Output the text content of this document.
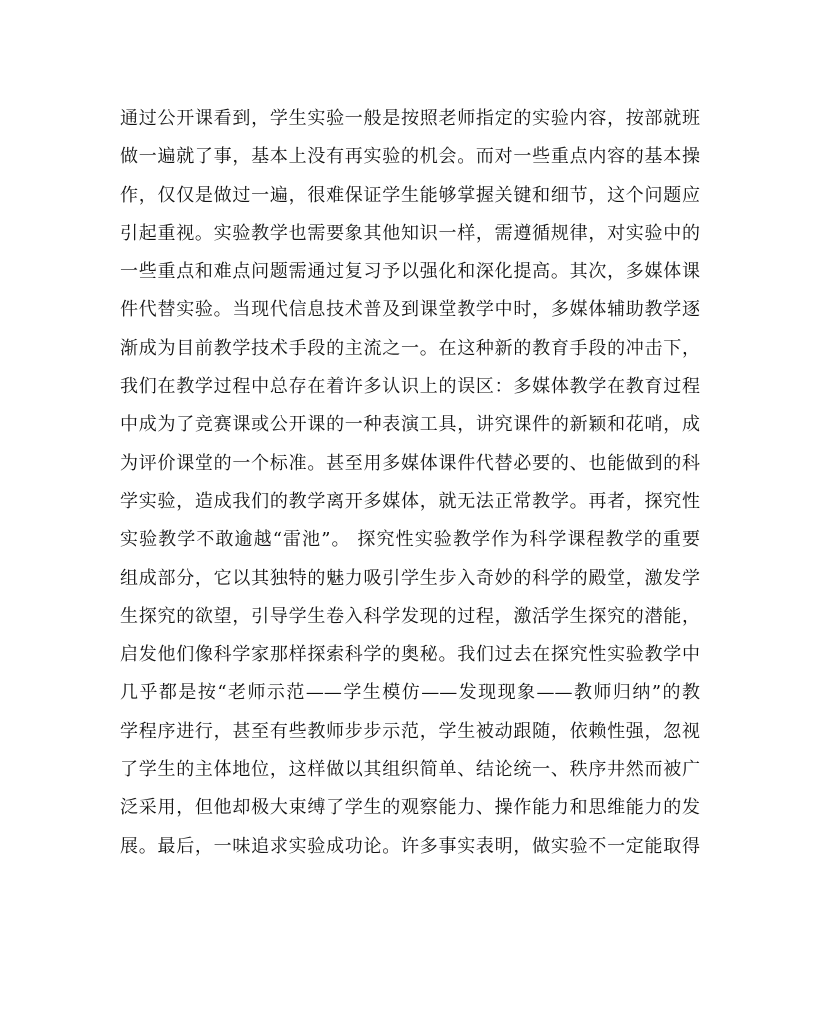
通过公开课看到，学生实验一般是按照老师指定的实验内容，按部就班
做一遍就了事，基本上没有再实验的机会。而对一些重点内容的基本操
作，仅仅是做过一遍，很难保证学生能够掌握关键和细节，这个问题应
引起重视。实验教学也需要象其他知识一样，需遵循规律，对实验中的
一些重点和难点问题需通过复习予以强化和深化提高。其次，多媒体课
件代替实验。当现代信息技术普及到课堂教学中时，多媒体辅助教学逐
渐成为目前教学技术手段的主流之一。在这种新的教育手段的冲击下，
我们在教学过程中总存在着许多认识上的误区：多媒体教学在教育过程
中成为了竞赛课或公开课的一种表演工具，讲究课件的新颖和花哨，成
为评价课堂的一个标准。甚至用多媒体课件代替必要的、也能做到的科
学实验，造成我们的教学离开多媒体，就无法正常教学。再者，探究性
实验教学不敢逾越“雷池”。 探究性实验教学作为科学课程教学的重要
组成部分，它以其独特的魅力吸引学生步入奇妙的科学的殿堂，激发学
生探究的欲望，引导学生卷入科学发现的过程，激活学生探究的潜能，
启发他们像科学家那样探索科学的奥秘。我们过去在探究性实验教学中
几乎都是按“老师示范——学生模仿——发现现象——教师归纳”的教
学程序进行，甚至有些教师步步示范，学生被动跟随，依赖性强，忽视
了学生的主体地位，这样做以其组织简单、结论统一、秩序井然而被广
泛采用，但他却极大束缚了学生的观察能力、操作能力和思维能力的发
展。最后，一味追求实验成功论。许多事实表明，做实验不一定能取得
